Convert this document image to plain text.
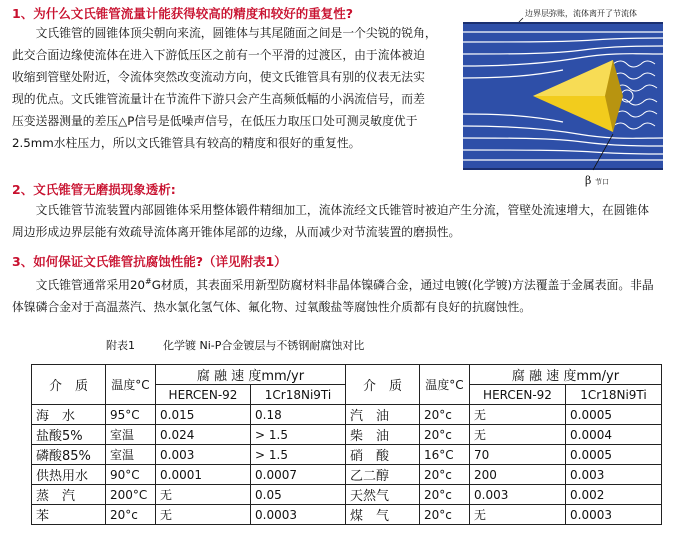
1、为什么文氏锥管流量计能获得较高的精度和较好的重复性?

文氏锥管的圆锥体顶尖朝向来流，圆锥体与其尾随面之间是一个尖锐的锐角，

此交合面边缘使流体在进入下游低压区之前有一个平滑的过渡区，由于流体被迫

收缩到管壁处附近，令流体突然改变流动方向，使文氏锥管具有别的仪表无法实

现的优点。文氏锥管流量计在节流件下游只会产生高频低幅的小涡流信号，而差

压变送器测量的差压△P信号是低噪声信号，在低压力取压口处可测灵敏度优于

2.5mm水柱压力，所以文氏锥管具有较高的精度和很好的重复性。

边界层弥账，流体离开了节流体
β 节口
2、文氏锥管无磨损现象透析:

文氏锥管节流装置内部圆锥体采用整体锻件精细加工，流体流经文氏锥管时被迫产生分流，管壁处流速增大，在圆锥体

周边形成边界层能有效疏导流体离开锥体尾部的边缘，从而减少对节流装置的磨损性。

3、如何保证文氏锥管抗腐蚀性能?（详见附表1）

文氏锥管通常采用20#G材质，其表面采用新型防腐材料非晶体镍磷合金，通过电镀(化学镀)方法覆盖于金属表面。非晶

体镍磷合金对于高温蒸汽、热水氯化氢气体、氟化物、过氧酸盐等腐蚀性介质都有良好的抗腐蚀性。

附表1	化学镀 Ni-P合金镀层与不锈钢耐腐蚀对比
介　质	温度°C	腐 融 速 度mm/yr		介　质	温度°C	腐 融 速 度mm/yr	
		HERCEN-92	1Cr18Ni9Ti			HERCEN-92	1Cr18Ni9Ti
海　水	95°C	0.015	0.18	汽　油	20°c	无	0.0005
盐酸5%	室温	0.024	> 1.5	柴　油	20°c	无	0.0004
磷酸85%	室温	0.003	> 1.5	硝　酸	16°C	70	0.0005
供热用水	90°C	0.0001	0.0007	乙二醇	20°c	200	0.003
蒸　汽	200°C	无	0.05	天然气	20°c	0.003	0.002
苯	20°c	无	0.0003	煤　气	20°c	无	0.0003
